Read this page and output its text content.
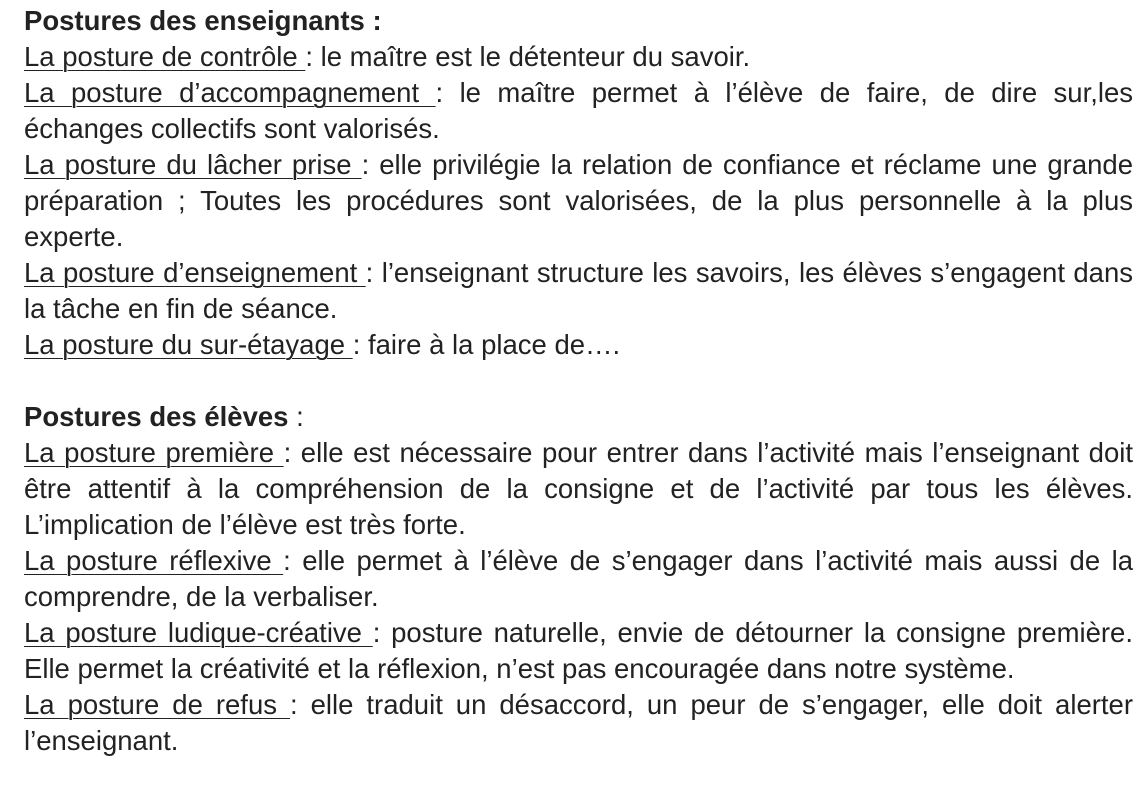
Postures des enseignants :

La posture de contrôle : le maître est le détenteur du savoir.

La posture d’accompagnement : le maître permet à l’élève de faire, de dire sur,les échanges collectifs sont valorisés.

La posture du lâcher prise : elle privilégie la relation de confiance et réclame une grande préparation ; Toutes les procédures sont valorisées, de la plus personnelle à la plus experte.

La posture d’enseignement : l’enseignant structure les savoirs, les élèves s’engagent dans la tâche en fin de séance.

La posture du sur-étayage : faire à la place de….

Postures des élèves :

La posture première : elle est nécessaire pour entrer dans l’activité mais l’enseignant doit être attentif à la compréhension de la consigne et de l’activité par tous les élèves. L’implication de l’élève est très forte.

La posture réflexive : elle permet à l’élève de s’engager dans l’activité mais aussi de la comprendre, de la verbaliser.

La posture ludique-créative : posture naturelle, envie de détourner la consigne première. Elle permet la créativité et la réflexion, n’est pas encouragée dans notre système.

La posture de refus : elle traduit un désaccord, un peur de s’engager, elle doit alerter l’enseignant.
